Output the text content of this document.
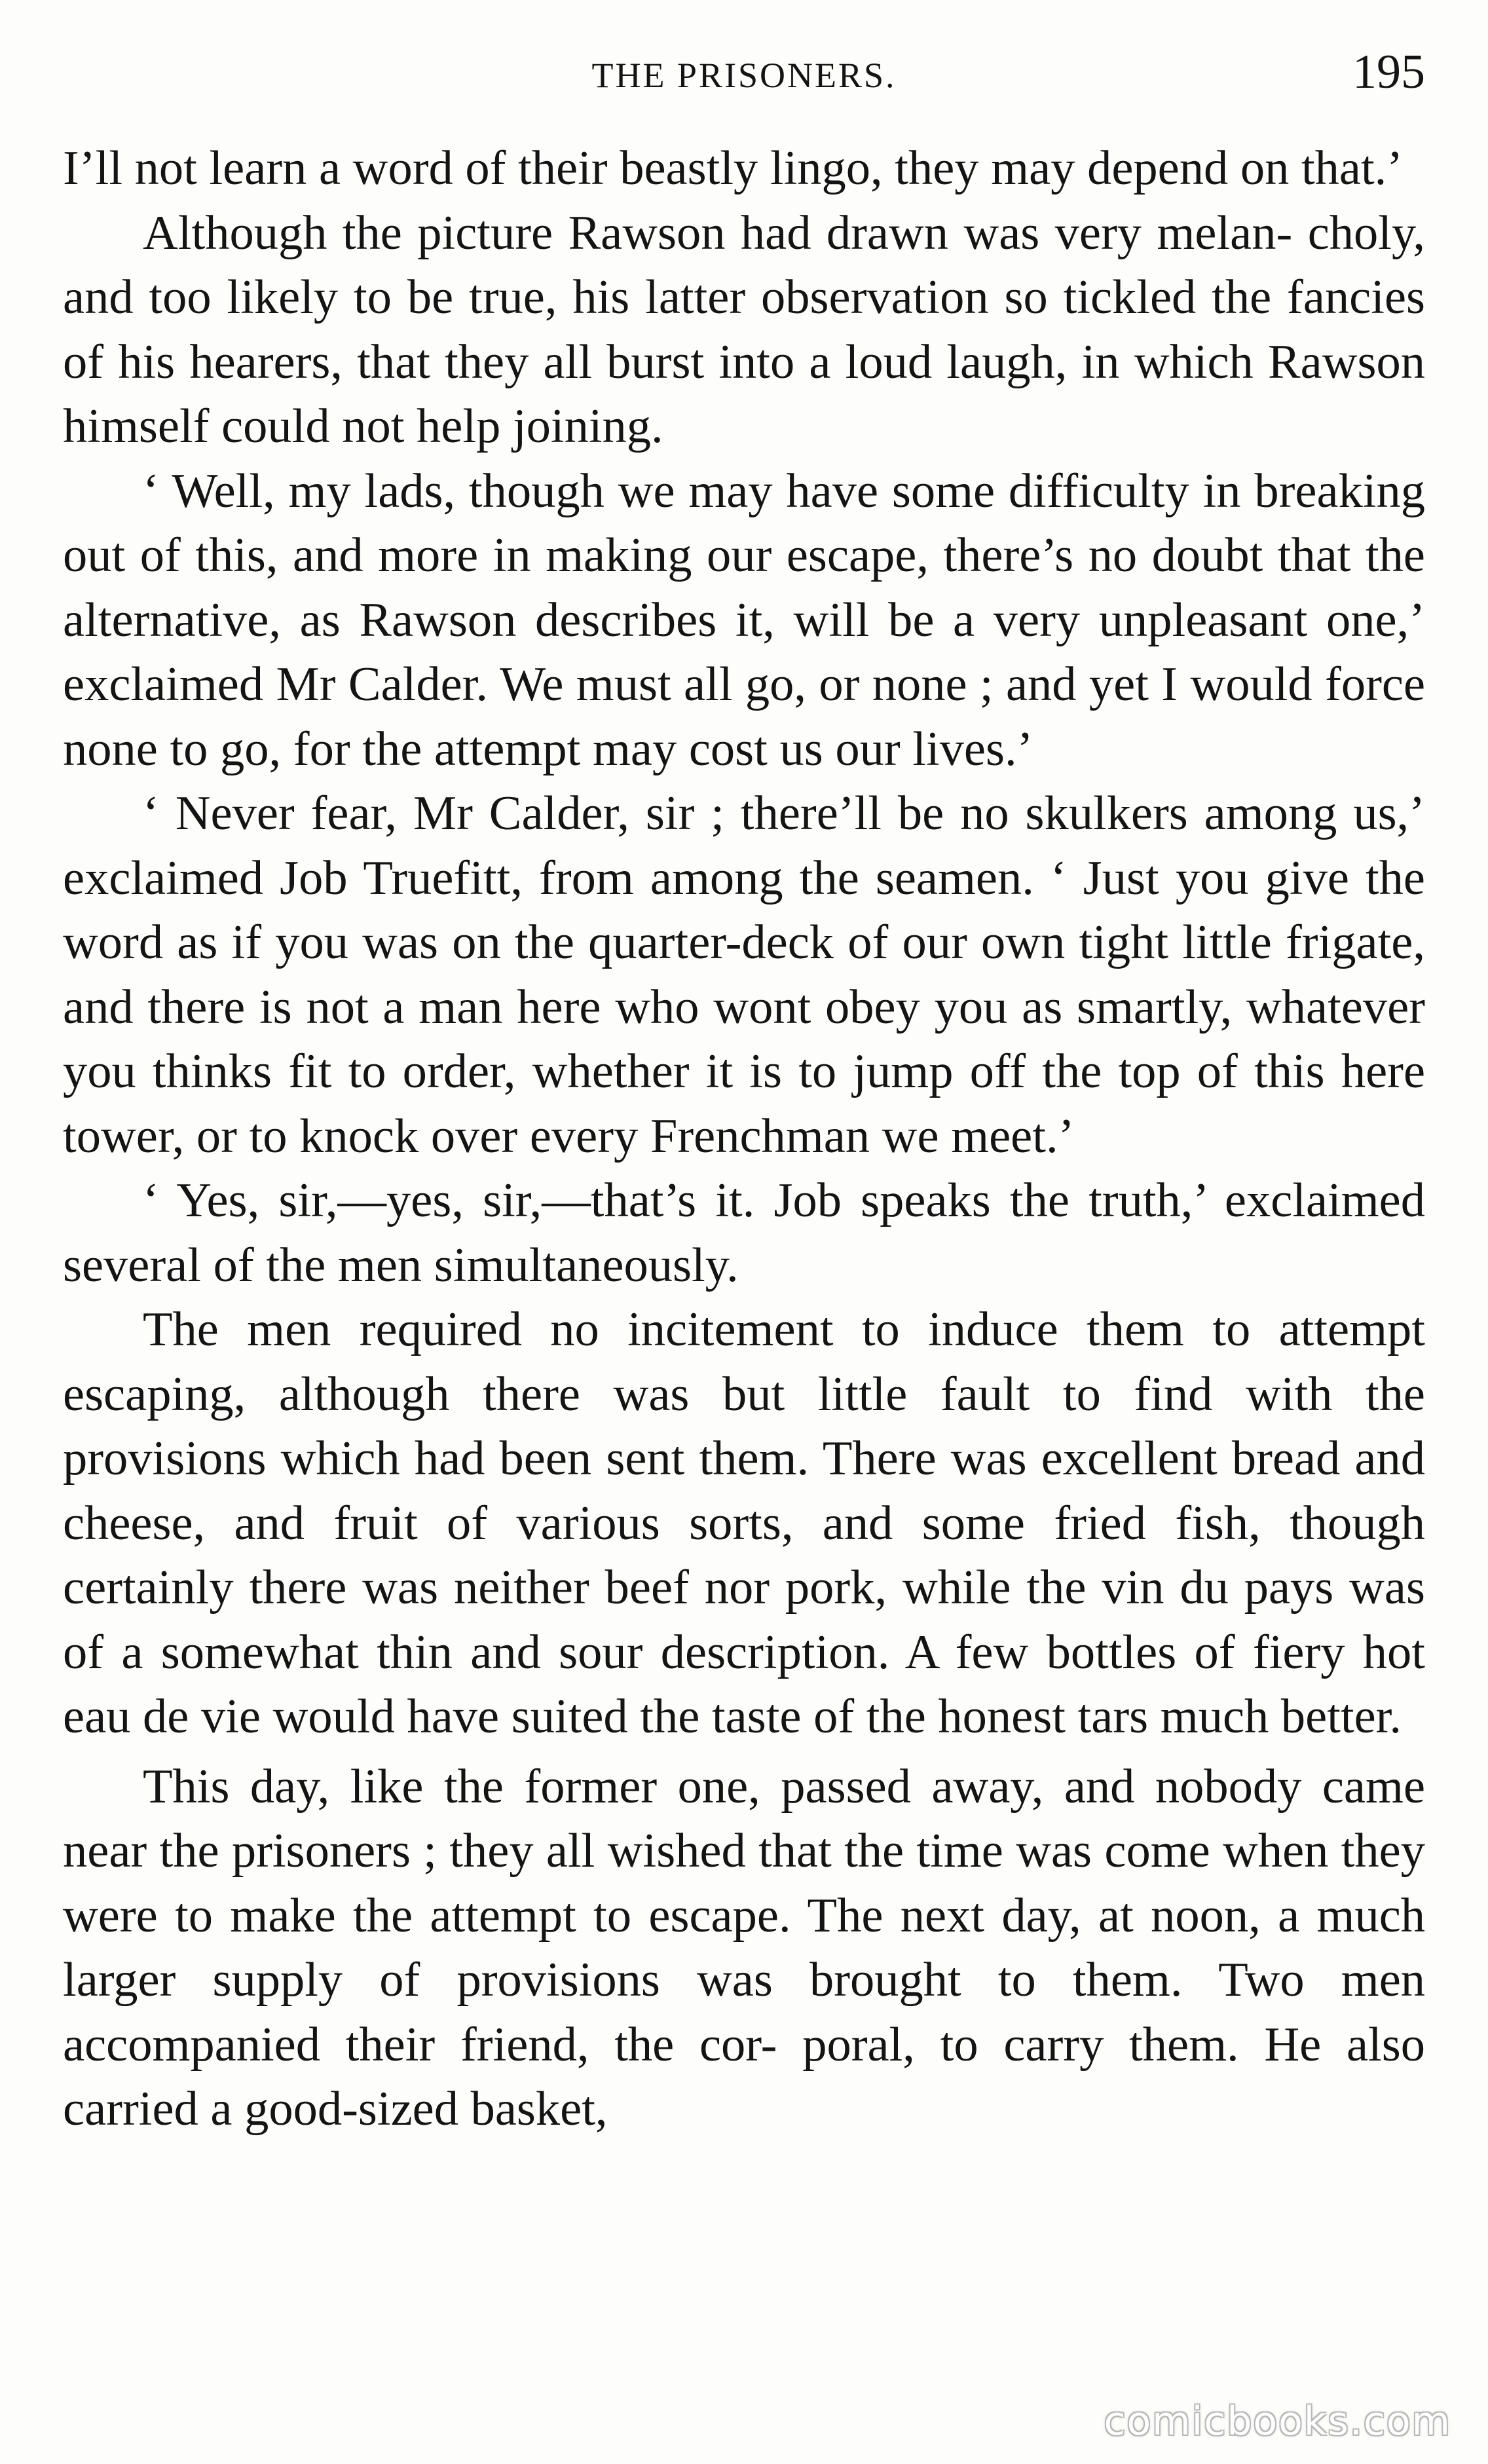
THE PRISONERS.	195

I’ll not learn a word of their beastly lingo, they may depend on that.’

Although the picture Rawson had drawn was very melan- choly, and too likely to be true, his latter observation so tickled the fancies of his hearers, that they all burst into a loud laugh, in which Rawson himself could not help joining.

‘ Well, my lads, though we may have some difficulty in breaking out of this, and more in making our escape, there’s no doubt that the alternative, as Rawson describes it, will be a very unpleasant one,’ exclaimed Mr Calder. We must all go, or none ; and yet I would force none to go, for the attempt may cost us our lives.’

‘ Never fear, Mr Calder, sir ; there’ll be no skulkers among us,’ exclaimed Job Truefitt, from among the seamen. ‘ Just you give the word as if you was on the quarter-deck of our own tight little frigate, and there is not a man here who wont obey you as smartly, whatever you thinks fit to order, whether it is to jump off the top of this here tower, or to knock over every Frenchman we meet.’

‘ Yes, sir,—yes, sir,—that’s it. Job speaks the truth,’ exclaimed several of the men simultaneously.

The men required no incitement to induce them to attempt escaping, although there was but little fault to find with the provisions which had been sent them. There was excellent bread and cheese, and fruit of various sorts, and some fried fish, though certainly there was neither beef nor pork, while the vin du pays was of a somewhat thin and sour description. A few bottles of fiery hot eau de vie would have suited the taste of the honest tars much better.

This day, like the former one, passed away, and nobody came near the prisoners ; they all wished that the time was come when they were to make the attempt to escape. The next day, at noon, a much larger supply of provisions was brought to them. Two men accompanied their friend, the cor- poral, to carry them. He also carried a good-sized basket,

comicbooks.com
